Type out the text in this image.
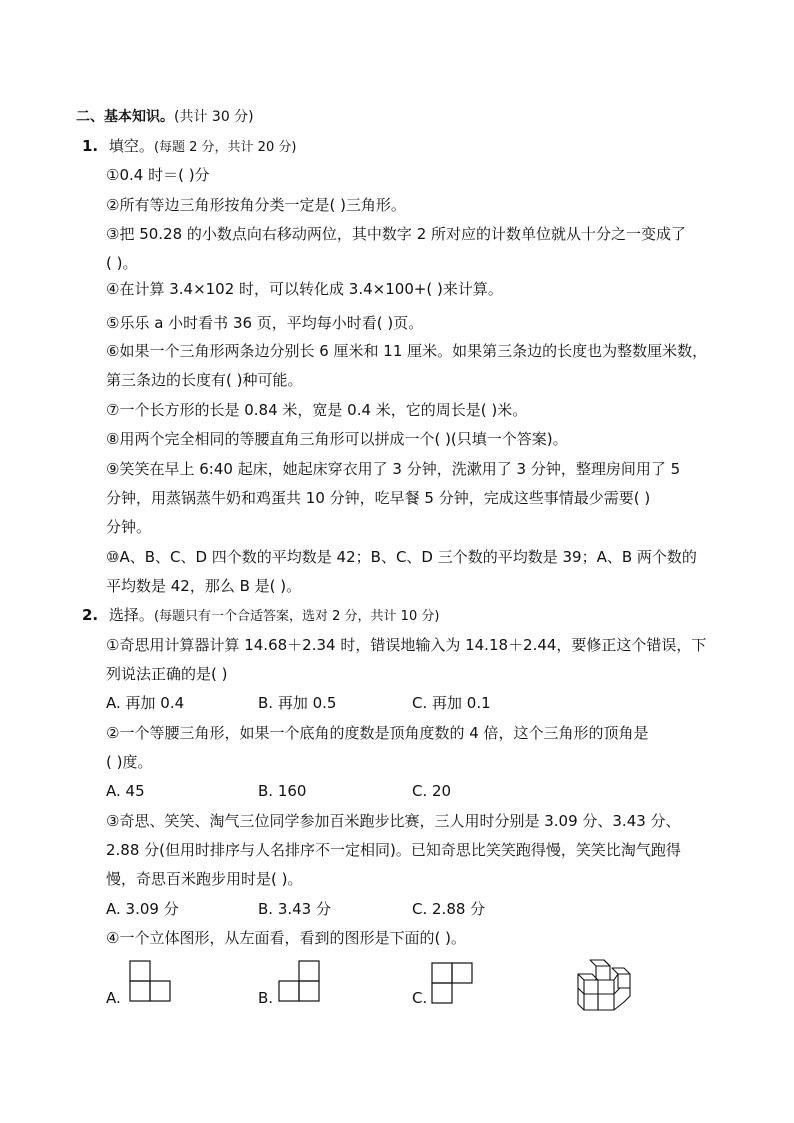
二、基本知识。(共计 30 分)
1. 填空。(每题 2 分，共计 20 分)
①0.4 时＝( )分
②所有等边三角形按角分类一定是( )三角形。
③把 50.28 的小数点向右移动两位，其中数字 2 所对应的计数单位就从十分之一变成了
( )。
④在计算 3.4×102 时，可以转化成 3.4×100+( )来计算。
⑤乐乐 a 小时看书 36 页，平均每小时看( )页。
⑥如果一个三角形两条边分别长 6 厘米和 11 厘米。如果第三条边的长度也为整数厘米数，
第三条边的长度有( )种可能。
⑦一个长方形的长是 0.84 米，宽是 0.4 米，它的周长是( )米。
⑧用两个完全相同的等腰直角三角形可以拼成一个( )(只填一个答案)。
⑨笑笑在早上 6:40 起床，她起床穿衣用了 3 分钟，洗漱用了 3 分钟，整理房间用了 5
分钟，用蒸锅蒸牛奶和鸡蛋共 10 分钟，吃早餐 5 分钟，完成这些事情最少需要( )
分钟。
⑩A、B、C、D 四个数的平均数是 42；B、C、D 三个数的平均数是 39；A、B 两个数的
平均数是 42，那么 B 是( )。
2. 选择。(每题只有一个合适答案，选对 2 分，共计 10 分)
①奇思用计算器计算 14.68＋2.34 时，错误地输入为 14.18＋2.44，要修正这个错误，下
列说法正确的是( )
A. 再加 0.4	B. 再加 0.5	C. 再加 0.1
②一个等腰三角形，如果一个底角的度数是顶角度数的 4 倍，这个三角形的顶角是
( )度。
A. 45	B. 160	C. 20
③奇思、笑笑、淘气三位同学参加百米跑步比赛，三人用时分别是 3.09 分、3.43 分、
2.88 分(但用时排序与人名排序不一定相同)。已知奇思比笑笑跑得慢，笑笑比淘气跑得
慢，奇思百米跑步用时是( )。
A. 3.09 分	B. 3.43 分	C. 2.88 分
④一个立体图形，从左面看，看到的图形是下面的( )。
A.	B.	C.
